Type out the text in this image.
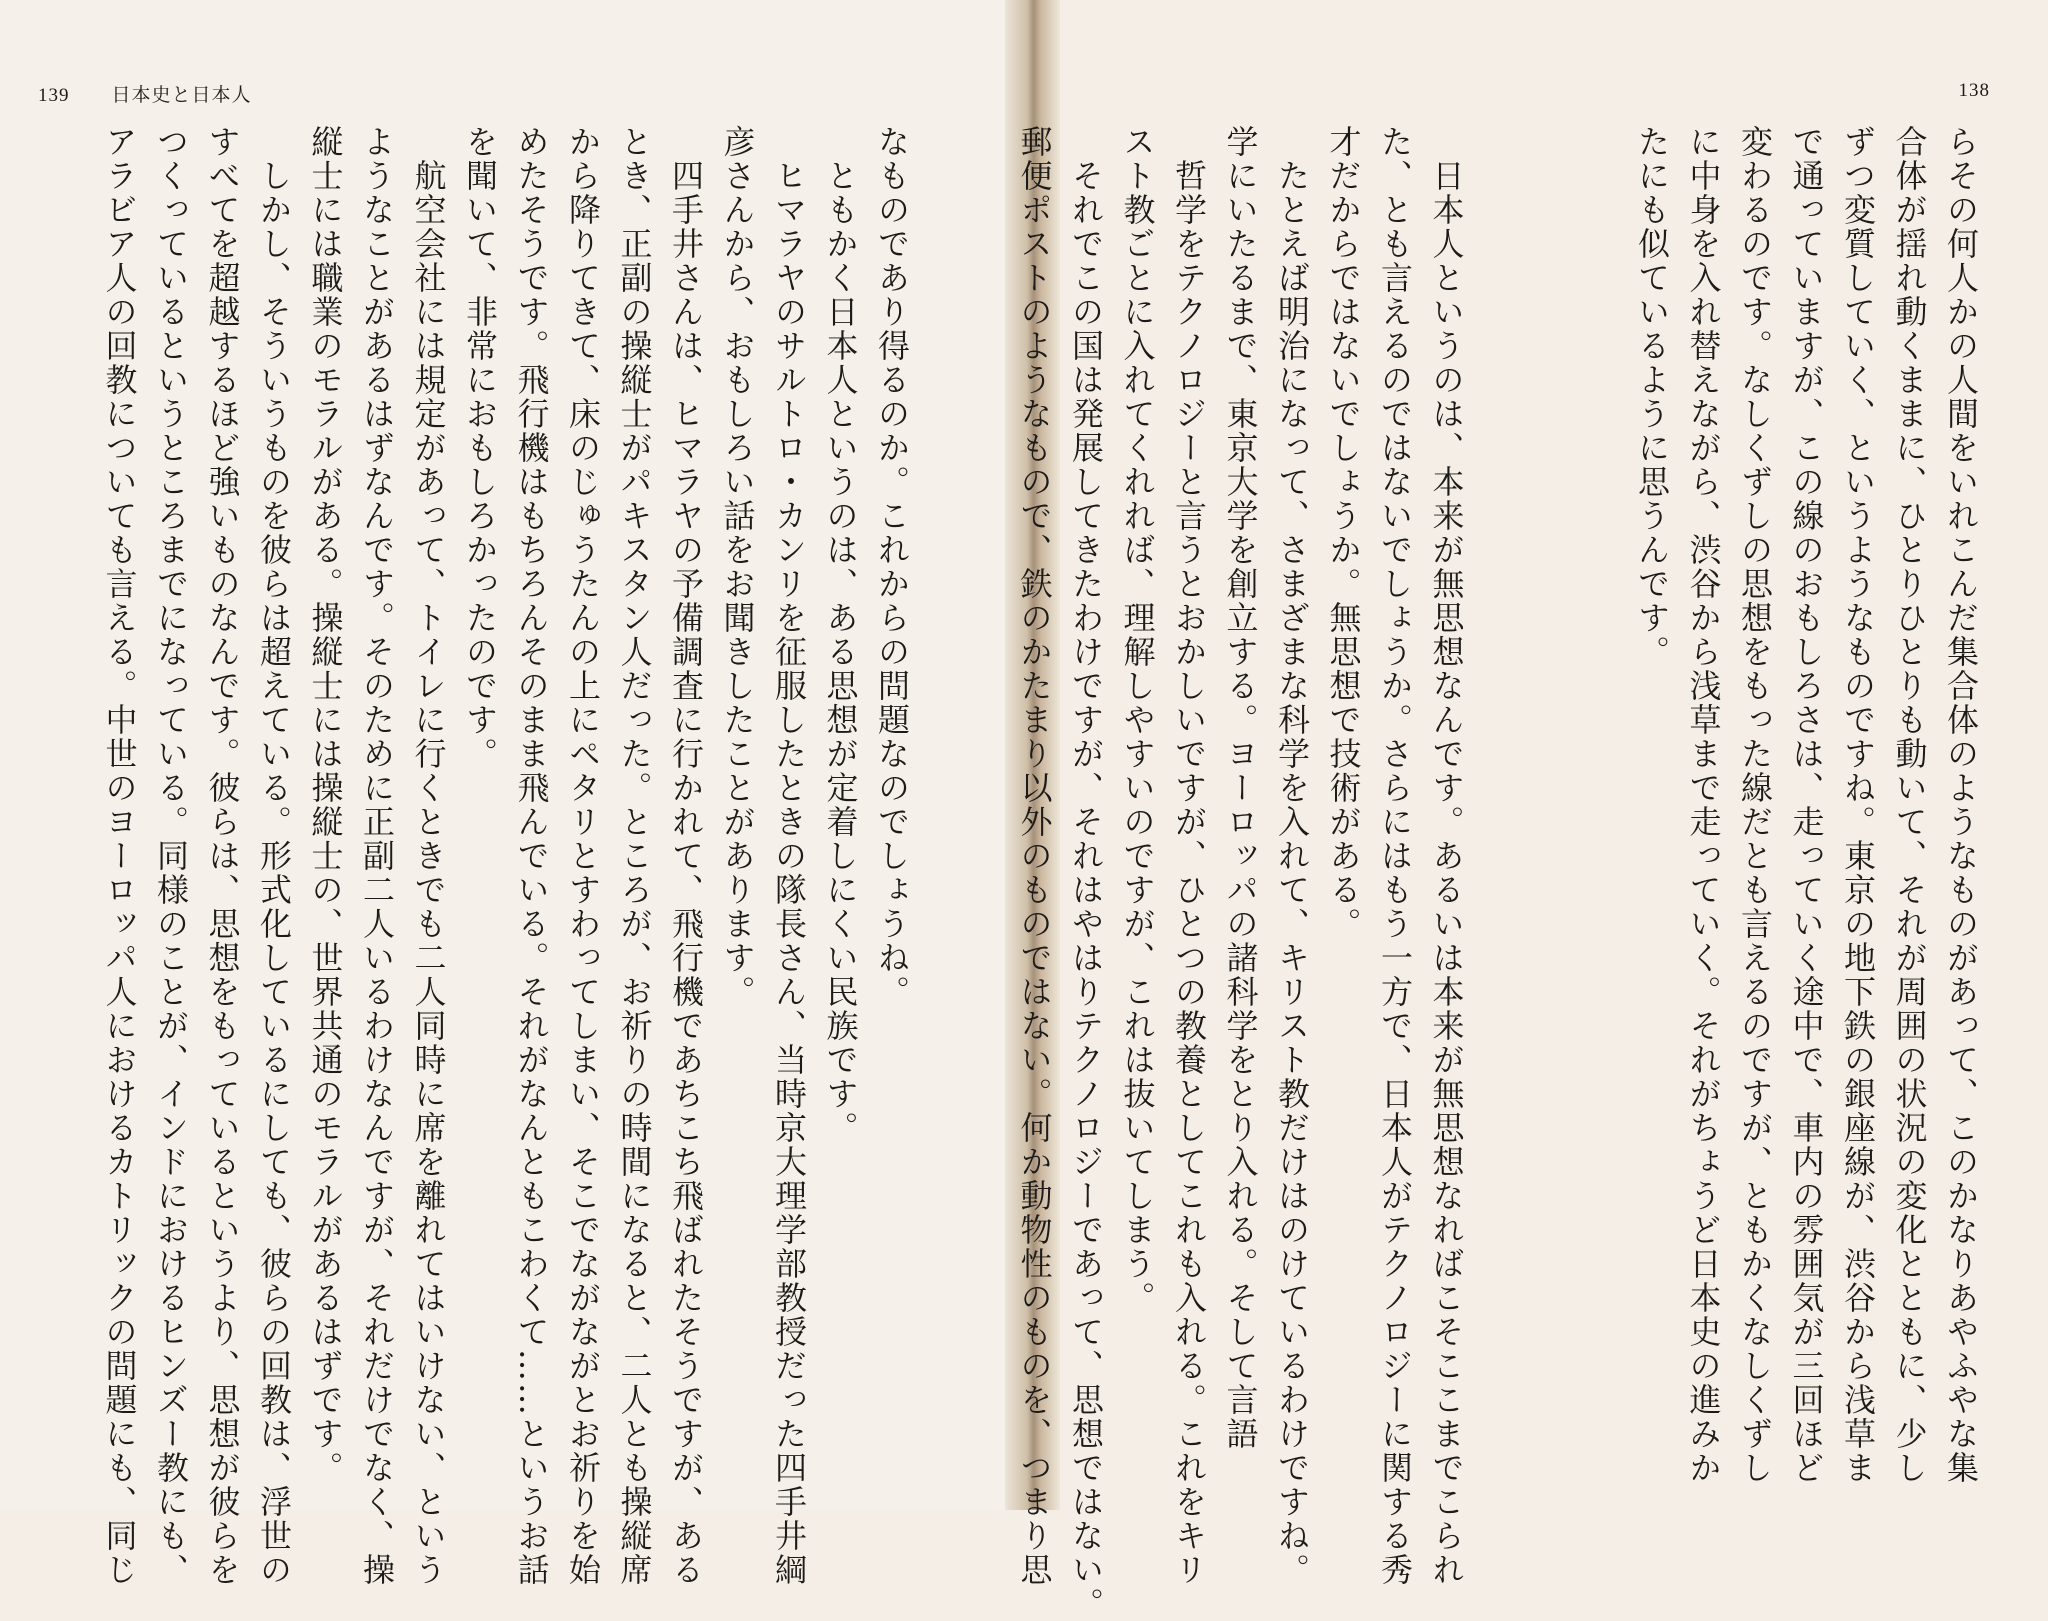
139 日本史と日本人

なものであり得るのか。これからの問題なのでしょうね。

　ともかく日本人というのは、ある思想が定着しにくい民族です。

　ヒマラヤのサルトロ・カンリを征服したときの隊長さん、当時京大理学部教授だった四手井綱

彦さんから、おもしろい話をお聞きしたことがあります。

　四手井さんは、ヒマラヤの予備調査に行かれて、飛行機であちこち飛ばれたそうですが、ある

とき、正副の操縦士がパキスタン人だった。ところが、お祈りの時間になると、二人とも操縦席

から降りてきて、床のじゅうたんの上にペタリとすわってしまい、そこでながながとお祈りを始

めたそうです。飛行機はもちろんそのまま飛んでいる。それがなんともこわくて……というお話

を聞いて、非常におもしろかったのです。

　航空会社には規定があって、トイレに行くときでも二人同時に席を離れてはいけない、という

ようなことがあるはずなんです。そのために正副二人いるわけなんですが、それだけでなく、操

縦士には職業のモラルがある。操縦士には操縦士の、世界共通のモラルがあるはずです。

　しかし、そういうものを彼らは超えている。形式化しているにしても、彼らの回教は、浮世の

すべてを超越するほど強いものなんです。彼らは、思想をもっているというより、思想が彼らを

つくっているというところまでになっている。同様のことが、インドにおけるヒンズー教にも、

アラビア人の回教についても言える。中世のヨーロッパ人におけるカトリックの問題にも、同じ

138

らその何人かの人間をいれこんだ集合体のようなものがあって、このかなりあやふやな集

合体が揺れ動くままに、ひとりひとりも動いて、それが周囲の状況の変化とともに、少し

ずつ変質していく、というようなものですね。東京の地下鉄の銀座線が、渋谷から浅草ま

で通っていますが、この線のおもしろさは、走っていく途中で、車内の雰囲気が三回ほど

変わるのです。なしくずしの思想をもった線だとも言えるのですが、ともかくなしくずし

に中身を入れ替えながら、渋谷から浅草まで走っていく。それがちょうど日本史の進みか

たにも似ているように思うんです。

　日本人というのは、本来が無思想なんです。あるいは本来が無思想なればこそここまでこられ

た、とも言えるのではないでしょうか。さらにはもう一方で、日本人がテクノロジーに関する秀

才だからではないでしょうか。無思想で技術がある。

　たとえば明治になって、さまざまな科学を入れて、キリスト教だけはのけているわけですね。

学にいたるまで、東京大学を創立する。ヨーロッパの諸科学をとり入れる。そして言語

　哲学をテクノロジーと言うとおかしいですが、ひとつの教養としてこれも入れる。これをキリ

スト教ごとに入れてくれれば、理解しやすいのですが、これは抜いてしまう。

　それでこの国は発展してきたわけですが、それはやはりテクノロジーであって、思想ではない。

郵便ポストのようなもので、鉄のかたまり以外のものではない。何か動物性のものを、つまり思
